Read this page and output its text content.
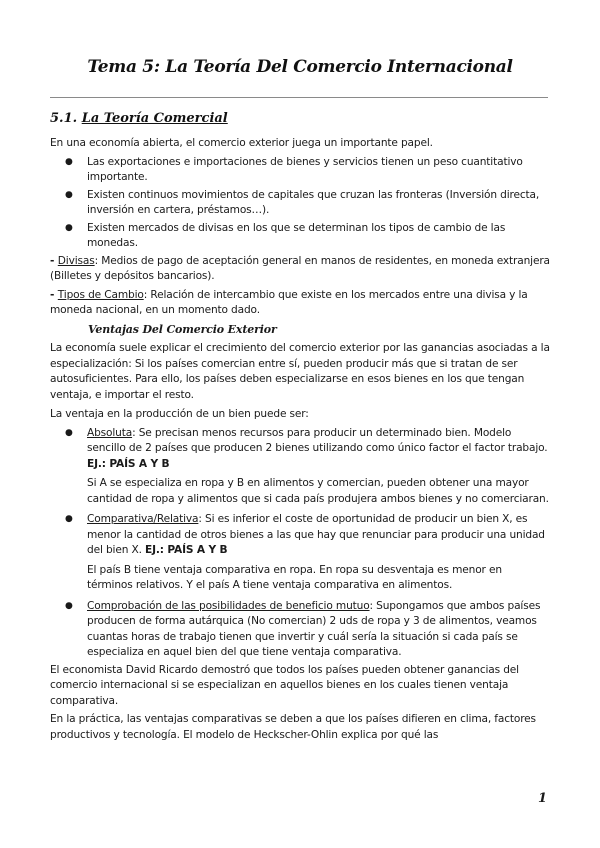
Tema 5: La Teoría Del Comercio Internacional
5.1. La Teoría Comercial

En una economía abierta, el comercio exterior juega un importante papel.

● Las exportaciones e importaciones de bienes y servicios tienen un peso cuantitativo importante.
● Existen continuos movimientos de capitales que cruzan las fronteras (Inversión directa, inversión en cartera, préstamos…).
● Existen mercados de divisas en los que se determinan los tipos de cambio de las monedas.

- Divisas: Medios de pago de aceptación general en manos de residentes, en moneda extranjera (Billetes y depósitos bancarios).

- Tipos de Cambio: Relación de intercambio que existe en los mercados entre una divisa y la moneda nacional, en un momento dado.

Ventajas Del Comercio Exterior

La economía suele explicar el crecimiento del comercio exterior por las ganancias asociadas a la especialización: Si los países comercian entre sí, pueden producir más que si tratan de ser autosuficientes. Para ello, los países deben especializarse en esos bienes en los que tengan ventaja, e importar el resto.

La ventaja en la producción de un bien puede ser:

● Absoluta: Se precisan menos recursos para producir un determinado bien. Modelo sencillo de 2 países que producen 2 bienes utilizando como único factor el factor trabajo. EJ.: PAÍS A Y B
Si A se especializa en ropa y B en alimentos y comercian, pueden obtener una mayor cantidad de ropa y alimentos que si cada país produjera ambos bienes y no comerciaran.
● Comparativa/Relativa: Si es inferior el coste de oportunidad de producir un bien X, es menor la cantidad de otros bienes a las que hay que renunciar para producir una unidad del bien X. EJ.: PAÍS A Y B
El país B tiene ventaja comparativa en ropa. En ropa su desventaja es menor en términos relativos. Y el país A tiene ventaja comparativa en alimentos.
● Comprobación de las posibilidades de beneficio mutuo: Supongamos que ambos países producen de forma autárquica (No comercian) 2 uds de ropa y 3 de alimentos, veamos cuantas horas de trabajo tienen que invertir y cuál sería la situación si cada país se especializa en aquel bien del que tiene ventaja comparativa.

El economista David Ricardo demostró que todos los países pueden obtener ganancias del comercio internacional si se especializan en aquellos bienes en los cuales tienen ventaja comparativa.

En la práctica, las ventajas comparativas se deben a que los países difieren en clima, factores productivos y tecnología. El modelo de Heckscher-Ohlin explica por qué las

1
